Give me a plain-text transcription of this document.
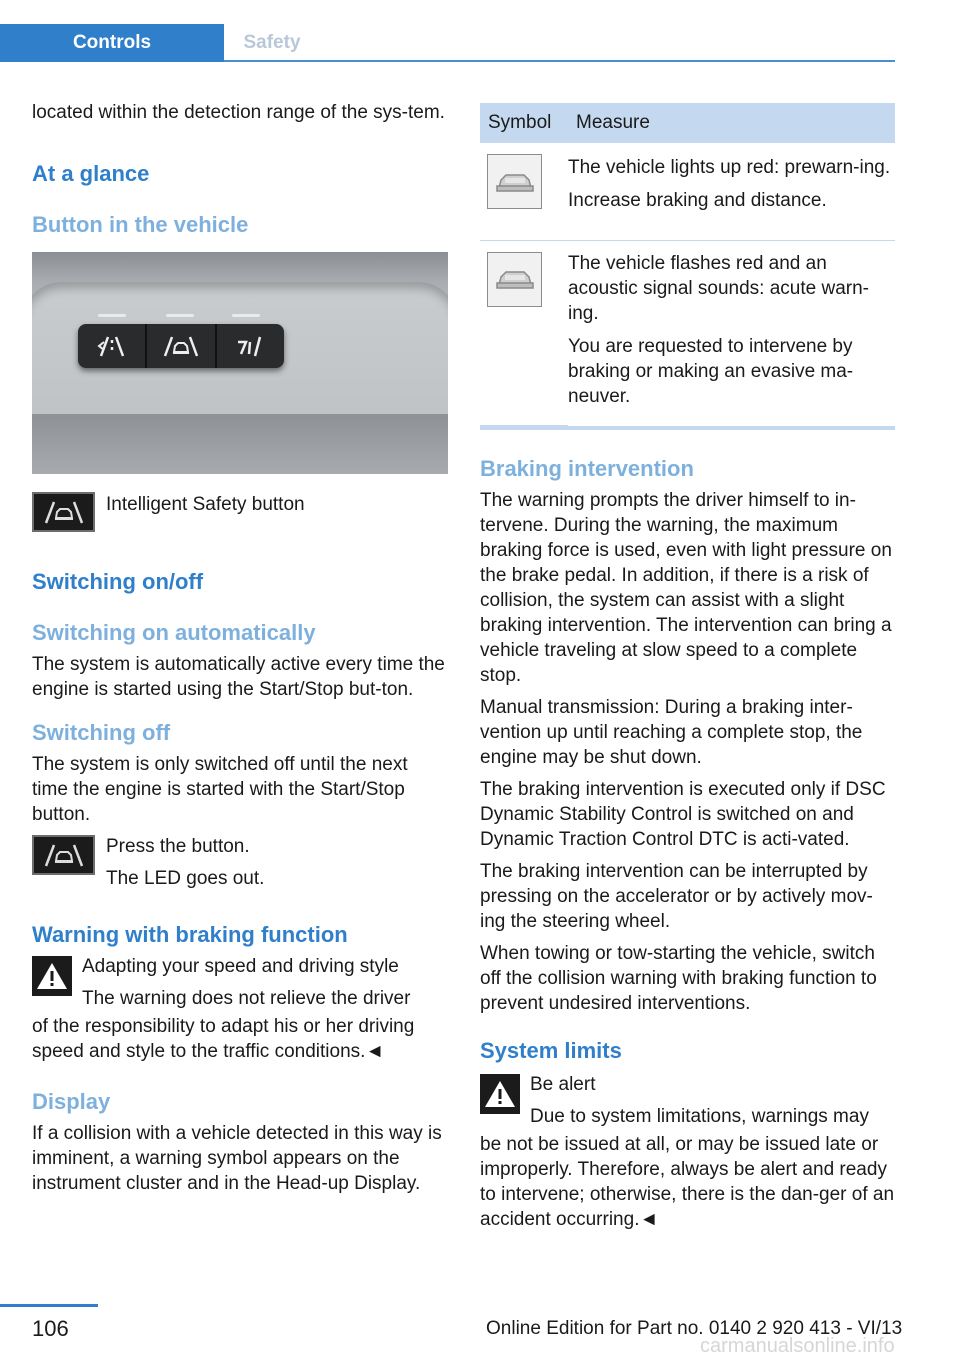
Controls	Safety

located within the detection range of the sys‐tem.

At a glance
Button in the vehicle

Intelligent Safety button

Switching on/off
Switching on automatically

The system is automatically active every time the engine is started using the Start/Stop but‐ton.

Switching off

The system is only switched off until the next time the engine is started with the Start/Stop button.

Press the button.

The LED goes out.

Warning with braking function

Adapting your speed and driving style

The warning does not relieve the driver

of the responsibility to adapt his or her driving speed and style to the traffic conditions.◄

Display

If a collision with a vehicle detected in this way is imminent, a warning symbol appears on the instrument cluster and in the Head-up Display.

Symbol	Measure

The vehicle lights up red: prewarn‐ing.

Increase braking and distance.

The vehicle flashes red and an acoustic signal sounds: acute warn‐ing.

You are requested to intervene by braking or making an evasive ma‐neuver.

Braking intervention

The warning prompts the driver himself to in‐tervene. During the warning, the maximum braking force is used, even with light pressure on the brake pedal. In addition, if there is a risk of collision, the system can assist with a slight braking intervention. The intervention can bring a vehicle traveling at slow speed to a complete stop.

Manual transmission: During a braking inter‐vention up until reaching a complete stop, the engine may be shut down.

The braking intervention is executed only if DSC Dynamic Stability Control is switched on and Dynamic Traction Control DTC is acti‐vated.

The braking intervention can be interrupted by pressing on the accelerator or by actively mov‐ing the steering wheel.

When towing or tow-starting the vehicle, switch off the collision warning with braking function to prevent undesired interventions.

System limits

Be alert

Due to system limitations, warnings may

be not be issued at all, or may be issued late or improperly. Therefore, always be alert and ready to intervene; otherwise, there is the dan‐ger of an accident occurring.◄

106	Online Edition for Part no. 0140 2 920 413 - VI/13
carmanualsonline.info
